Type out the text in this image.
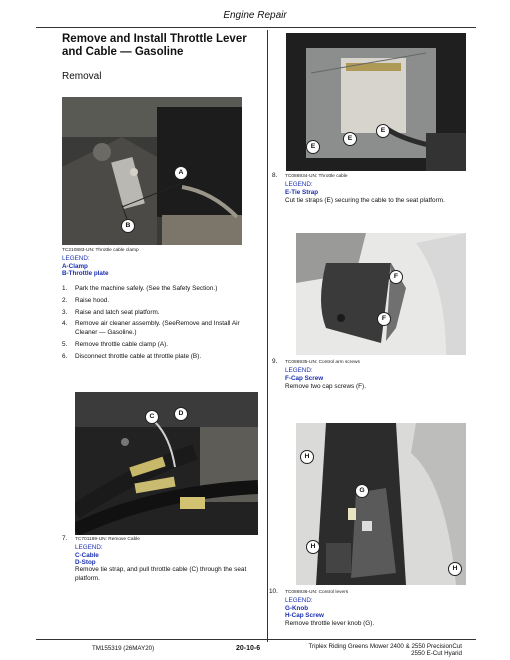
Engine Repair
Remove and Install Throttle Lever and Cable — Gasoline
Removal
A
B
TC210883-UN: Throttle cable clamp
LEGEND:
A-Clamp
B-Throttle plate
1. Park the machine safely. (See the Safety Section.)
2. Raise hood.
3. Raise and latch seat platform.
4. Remove air cleaner assembly. (SeeRemove and Install Air Cleaner — Gasoline.)
5. Remove throttle cable clamp (A).
6. Disconnect throttle cable at throttle plate (B).
C	D
7. TC701169-UN: Remove Cable
LEGEND:
C-Cable
D-Stop
Remove tie strap, and pull throttle cable (C) through the seat platform.
E
E
E
8. TC086934-UN: Throttle cable
LEGEND:
E-Tie Strap
Cut tie straps (E) securing the cable to the seat platform.
F
F
9. TC086935-UN: Control arm screws
LEGEND:
F-Cap Screw
Remove two cap screws (F).
H
G
H
H
10. TC086936-UN: Control levers
LEGEND:
G-Knob
H-Cap Screw
Remove throttle lever knob (G).
TM155319 (26MAY20)	20-10-6	Triplex Riding Greens Mower 2400 & 2550 PrecisionCut
2550 E-Cut Hyarid
